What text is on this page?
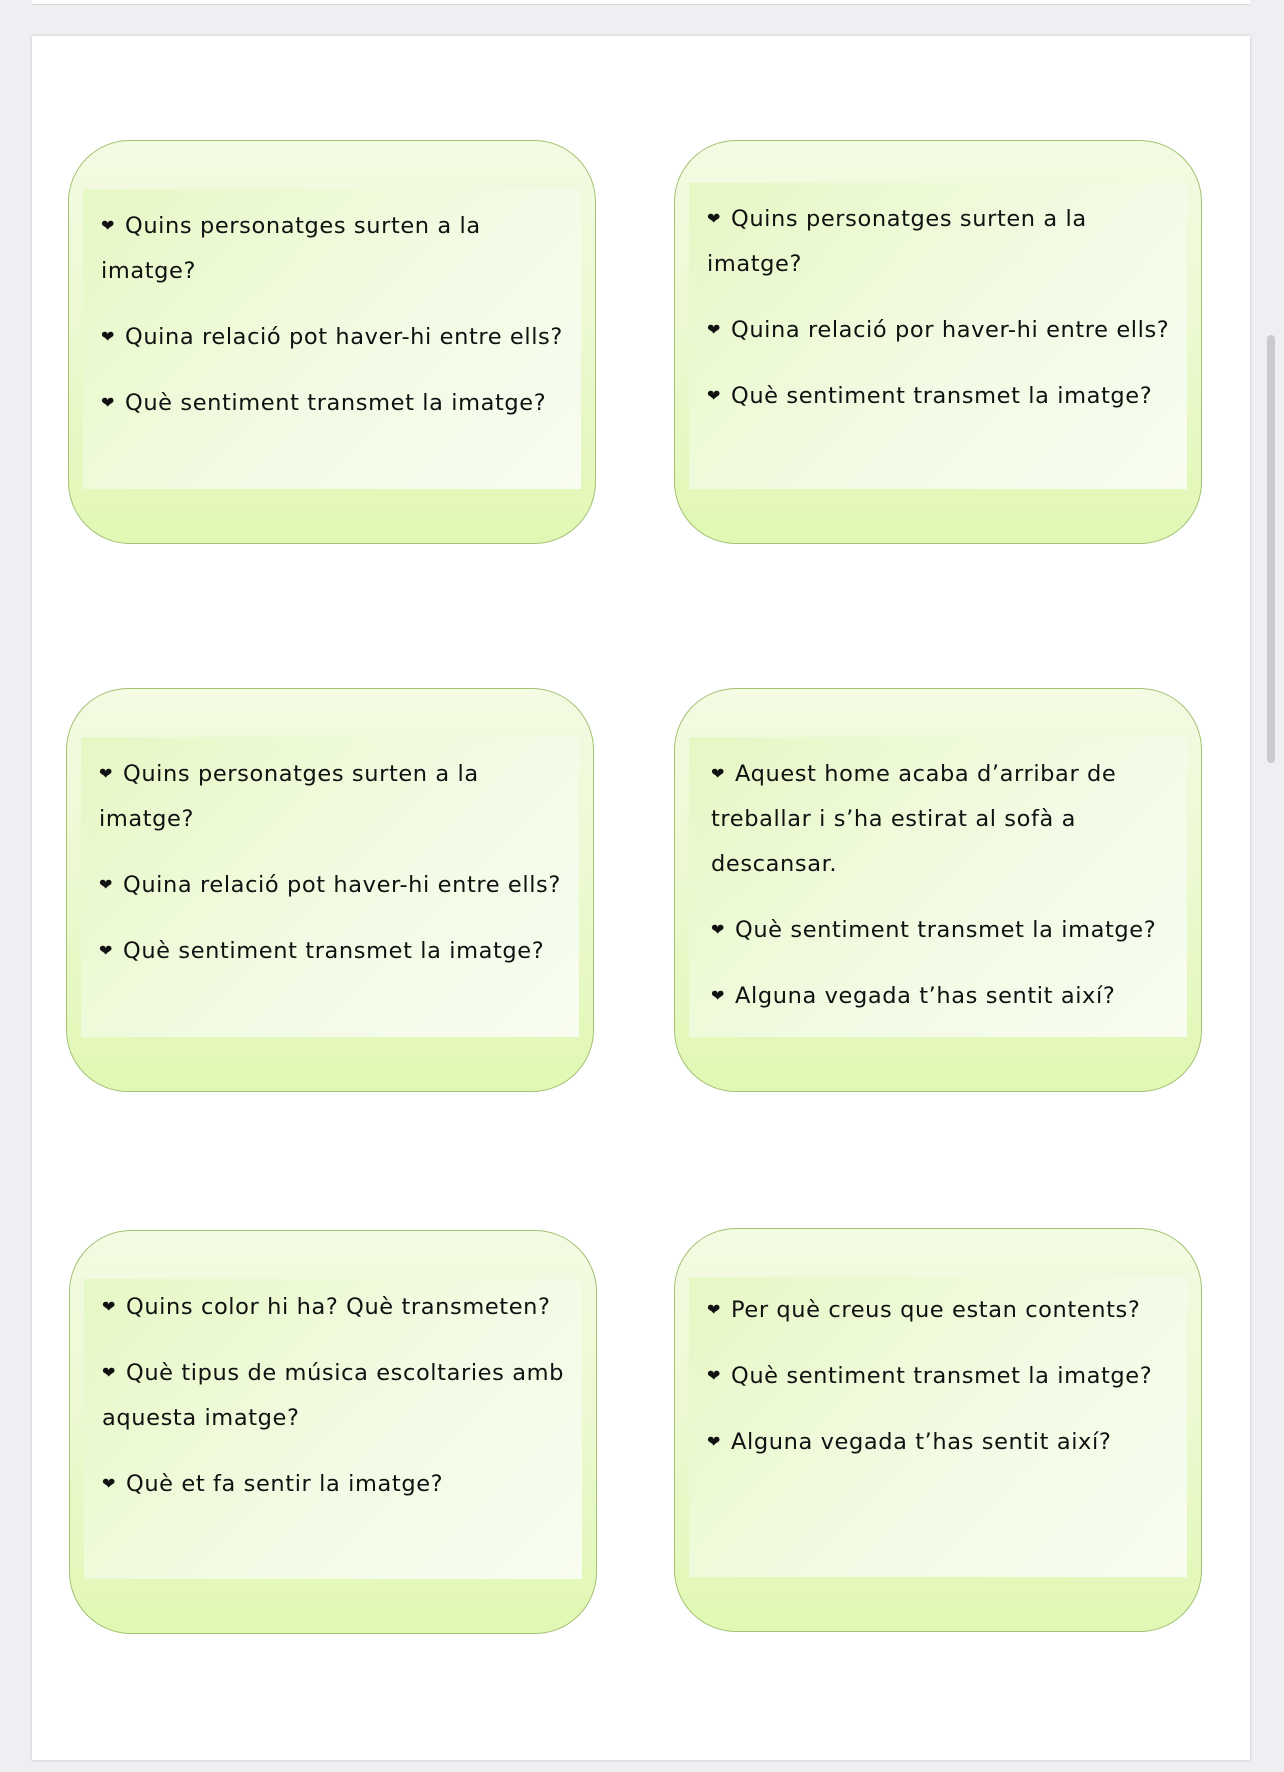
❤ Quins personatges surten a la imatge?
❤ Quina relació pot haver-hi entre ells?
❤ Què sentiment transmet la imatge?
❤ Quins personatges surten a la imatge?
❤ Quina relació por haver-hi entre ells?
❤ Què sentiment transmet la imatge?
❤ Quins personatges surten a la imatge?
❤ Quina relació pot haver-hi entre ells?
❤ Què sentiment transmet la imatge?
❤ Aquest home acaba d’arribar de treballar i s’ha estirat al sofà a descansar.
❤ Què sentiment transmet la imatge?
❤ Alguna vegada t’has sentit així?
❤ Quins color hi ha? Què transmeten?
❤ Què tipus de música escoltaries amb aquesta imatge?
❤ Què et fa sentir la imatge?
❤ Per què creus que estan contents?
❤ Què sentiment transmet la imatge?
❤ Alguna vegada t’has sentit així?
